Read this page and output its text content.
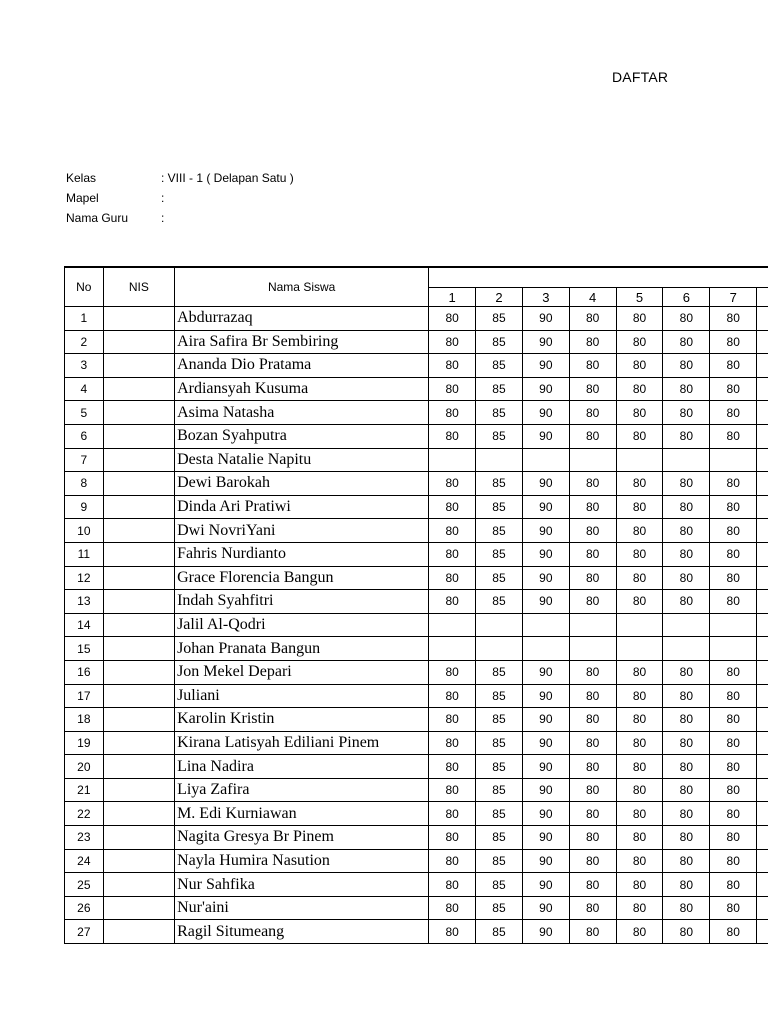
DAFTAR
Kelas	: VIII - 1 ( Delapan Satu )
Mapel	:
Nama Guru	:
No	NIS	Nama Siswa								
			1	2	3	4	5	6	7	
1		Abdurrazaq	80	85	90	80	80	80	80	
2		Aira Safira Br Sembiring	80	85	90	80	80	80	80	
3		Ananda Dio Pratama	80	85	90	80	80	80	80	
4		Ardiansyah Kusuma	80	85	90	80	80	80	80	
5		Asima Natasha	80	85	90	80	80	80	80	
6		Bozan Syahputra	80	85	90	80	80	80	80	
7		Desta Natalie Napitu								
8		Dewi Barokah	80	85	90	80	80	80	80	
9		Dinda Ari Pratiwi	80	85	90	80	80	80	80	
10		Dwi NovriYani	80	85	90	80	80	80	80	
11		Fahris Nurdianto	80	85	90	80	80	80	80	
12		Grace Florencia Bangun	80	85	90	80	80	80	80	
13		Indah Syahfitri	80	85	90	80	80	80	80	
14		Jalil Al-Qodri								
15		Johan Pranata Bangun								
16		Jon Mekel Depari	80	85	90	80	80	80	80	
17		Juliani	80	85	90	80	80	80	80	
18		Karolin Kristin	80	85	90	80	80	80	80	
19		Kirana Latisyah Ediliani Pinem	80	85	90	80	80	80	80	
20		Lina Nadira	80	85	90	80	80	80	80	
21		Liya Zafira	80	85	90	80	80	80	80	
22		M. Edi Kurniawan	80	85	90	80	80	80	80	
23		Nagita Gresya Br Pinem	80	85	90	80	80	80	80	
24		Nayla Humira Nasution	80	85	90	80	80	80	80	
25		Nur Sahfika	80	85	90	80	80	80	80	
26		Nur'aini	80	85	90	80	80	80	80	
27		Ragil Situmeang	80	85	90	80	80	80	80	
